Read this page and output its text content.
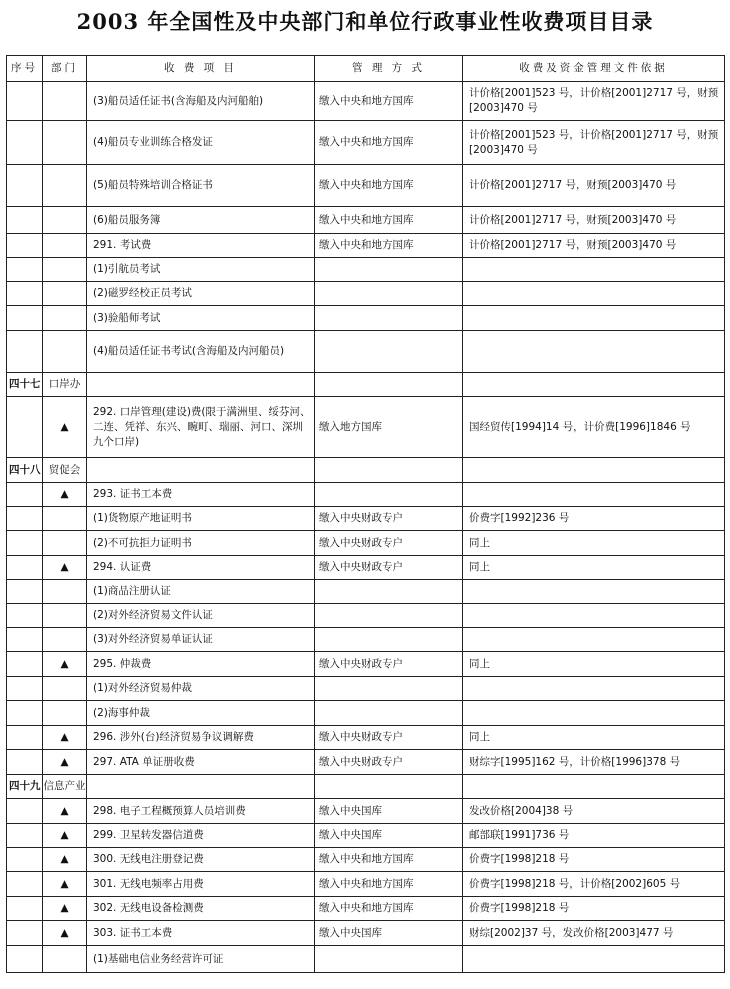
2003 年全国性及中央部门和单位行政事业性收费项目目录
序号	部门	收 费 项 目	管 理 方 式	收费及资金管理文件依据
		(3)船员适任证书(含海船及内河船舶)	缴入中央和地方国库	计价格[2001]523 号，计价格[2001]2717 号，财预[2003]470 号
		(4)船员专业训练合格发证	缴入中央和地方国库	计价格[2001]523 号，计价格[2001]2717 号，财预[2003]470 号
		(5)船员特殊培训合格证书	缴入中央和地方国库	计价格[2001]2717 号，财预[2003]470 号
		(6)船员服务簿	缴入中央和地方国库	计价格[2001]2717 号，财预[2003]470 号
		291. 考试费	缴入中央和地方国库	计价格[2001]2717 号，财预[2003]470 号
		(1)引航员考试		
		(2)磁罗经校正员考试		
		(3)验船师考试		
		(4)船员适任证书考试(含海船及内河船员)		
四十七	口岸办			
	▲	292. 口岸管理(建设)费(限于满洲里、绥芬河、二连、凭祥、东兴、畹町、瑞丽、河口、深圳九个口岸)	缴入地方国库	国经贸传[1994]14 号，计价费[1996]1846 号
四十八	贸促会			
	▲	293. 证书工本费		
		(1)货物原产地证明书	缴入中央财政专户	价费字[1992]236 号
		(2)不可抗拒力证明书	缴入中央财政专户	同上
	▲	294. 认证费	缴入中央财政专户	同上
		(1)商品注册认证		
		(2)对外经济贸易文件认证		
		(3)对外经济贸易单证认证		
	▲	295. 仲裁费	缴入中央财政专户	同上
		(1)对外经济贸易仲裁		
		(2)海事仲裁		
	▲	296. 涉外(台)经济贸易争议调解费	缴入中央财政专户	同上
	▲	297. ATA 单证册收费	缴入中央财政专户	财综字[1995]162 号，计价格[1996]378 号
四十九	信息产业			
	▲	298. 电子工程概预算人员培训费	缴入中央国库	发改价格[2004]38 号
	▲	299. 卫星转发器信道费	缴入中央国库	邮部联[1991]736 号
	▲	300. 无线电注册登记费	缴入中央和地方国库	价费字[1998]218 号
	▲	301. 无线电频率占用费	缴入中央和地方国库	价费字[1998]218 号，计价格[2002]605 号
	▲	302. 无线电设备检测费	缴入中央和地方国库	价费字[1998]218 号
	▲	303. 证书工本费	缴入中央国库	财综[2002]37 号，发改价格[2003]477 号
		(1)基础电信业务经营许可证		
